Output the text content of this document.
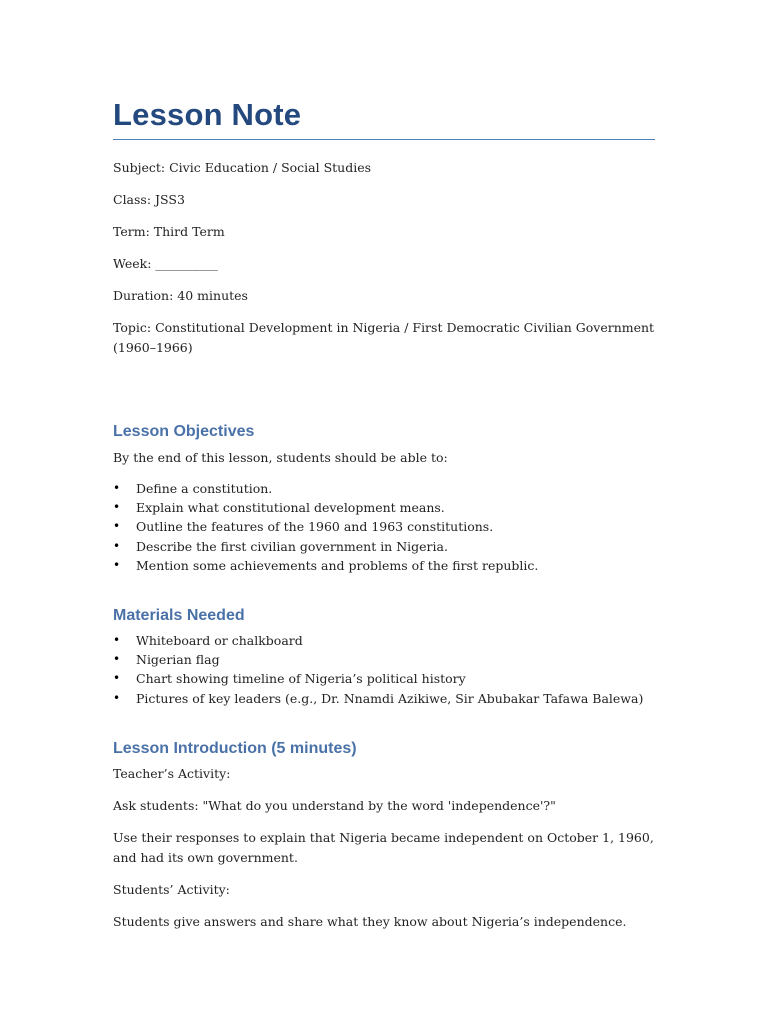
Lesson Note

Subject: Civic Education / Social Studies

Class: JSS3

Term: Third Term

Week: __________

Duration: 40 minutes

Topic: Constitutional Development in Nigeria / First Democratic Civilian Government (1960–1966)

Lesson Objectives

By the end of this lesson, students should be able to:

• Define a constitution.
• Explain what constitutional development means.
• Outline the features of the 1960 and 1963 constitutions.
• Describe the first civilian government in Nigeria.
• Mention some achievements and problems of the first republic.
Materials Needed
• Whiteboard or chalkboard
• Nigerian flag
• Chart showing timeline of Nigeria’s political history
• Pictures of key leaders (e.g., Dr. Nnamdi Azikiwe, Sir Abubakar Tafawa Balewa)
Lesson Introduction (5 minutes)

Teacher’s Activity:

Ask students: "What do you understand by the word 'independence'?"

Use their responses to explain that Nigeria became independent on October 1, 1960, and had its own government.

Students’ Activity:

Students give answers and share what they know about Nigeria’s independence.
